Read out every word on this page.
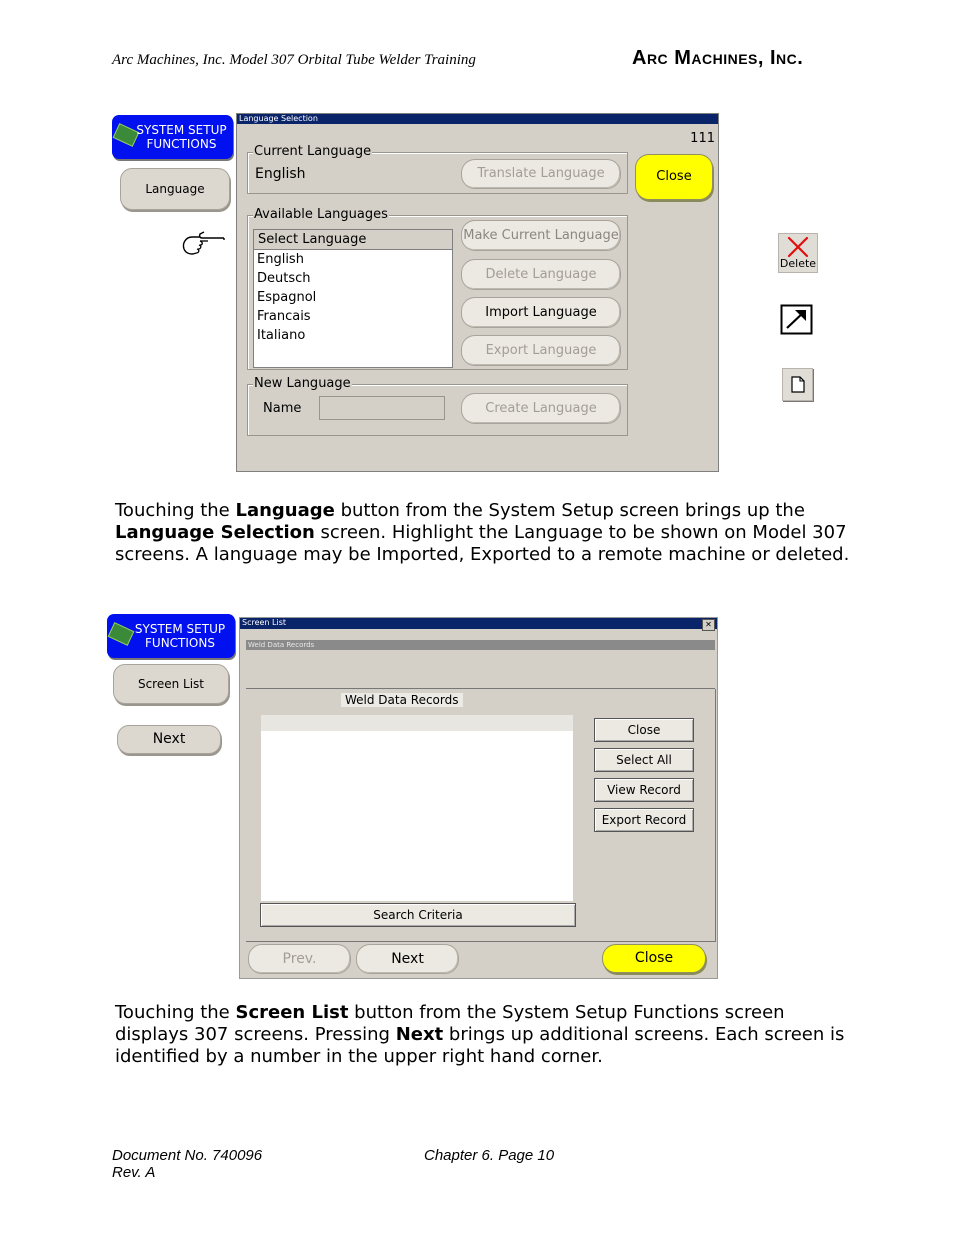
Arc Machines, Inc. Model 307 Orbital Tube Welder Training	Arc Machines, Inc.
SYSTEM SETUP
FUNCTIONS
Language
Language Selection
111
Current Language
English	Translate Language	Close
Available Languages
Select Language
English
Deutsch
Espagnol
Francais
Italiano
Make Current Language
Delete Language
Import Language
Export Language
New Language
Name	Create Language
Delete
Touching the Language button from the System Setup screen brings up the Language Selection screen. Highlight the Language to be shown on Model 307 screens. A language may be Imported, Exported to a remote machine or deleted.
SYSTEM SETUP
FUNCTIONS
Screen List
Next
Screen List	✕
Weld Data Records
Weld Data Records
Search Criteria
Close
Select All
View Record
Export Record
Prev.	Next	Close
Touching the Screen List button from the System Setup Functions screen displays 307 screens. Pressing Next brings up additional screens. Each screen is identified by a number in the upper right hand corner.
Document No. 740096
Rev. A
Chapter 6. Page 10
